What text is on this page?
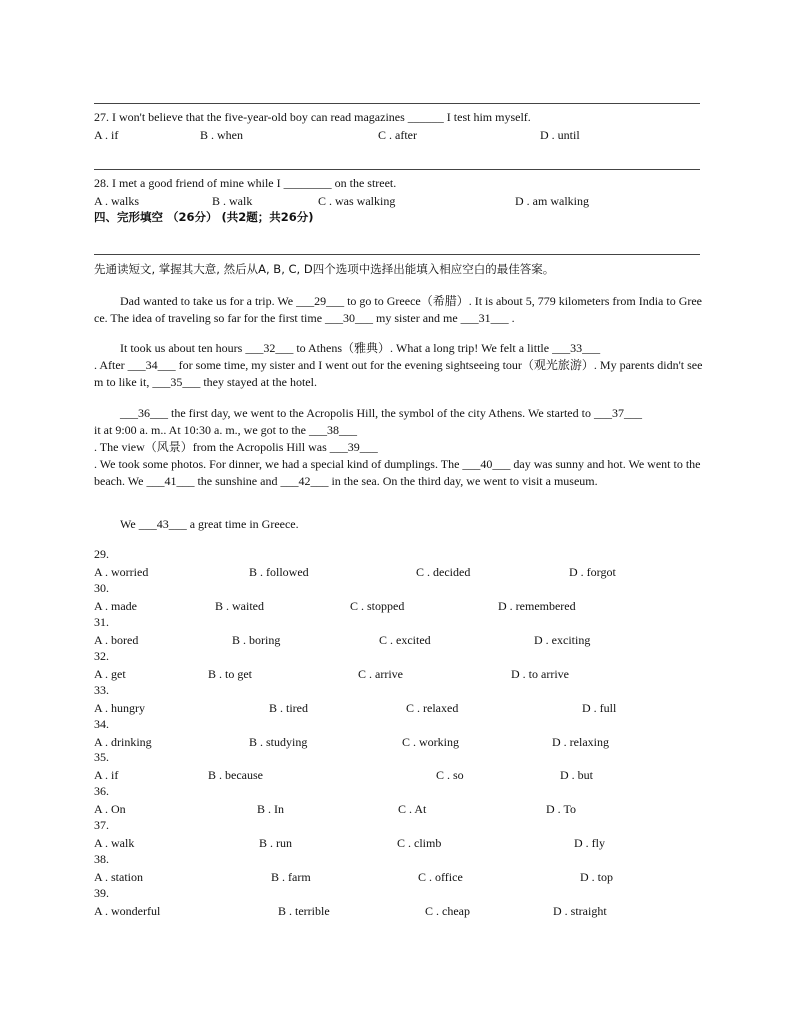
27. I won't believe that the five-year-old boy can read magazines ______ I test him myself.
A . if	B . when	C . after	D . until
28. I met a good friend of mine while I ________ on the street.
A . walks	B . walk	C . was walking	D . am walking
四、完形填空 （26分） (共2题；共26分)
先通读短文, 掌握其大意, 然后从A, B, C, D四个选项中选择出能填入相应空白的最佳答案。
Dad wanted to take us for a trip. We ___29___ to go to Greece（希腊）. It is about 5, 779 kilometers from India to Greece. The idea of traveling so far for the first time ___30___ my sister and me ___31___ .
It took us about ten hours ___32___ to Athens（雅典）. What a long trip! We felt a little ___33___
. After ___34___ for some time, my sister and I went out for the evening sightseeing tour（观光旅游）. My parents didn't seem to like it, ___35___ they stayed at the hotel.
___36___ the first day, we went to the Acropolis Hill, the symbol of the city Athens. We started to ___37___
it at 9:00 a. m.. At 10:30 a. m., we got to the ___38___
. The view（风景）from the Acropolis Hill was ___39___
. We took some photos. For dinner, we had a special kind of dumplings. The ___40___ day was sunny and hot. We went to the beach. We ___41___ the sunshine and ___42___ in the sea. On the third day, we went to visit a museum.
We ___43___ a great time in Greece.
29.
A . worried	B . followed	C . decided	D . forgot
30.
A . made	B . waited	C . stopped	D . remembered
31.
A . bored	B . boring	C . excited	D . exciting
32.
A . get	B . to get	C . arrive	D . to arrive
33.
A . hungry	B . tired	C . relaxed	D . full
34.
A . drinking	B . studying	C . working	D . relaxing
35.
A . if	B . because	C . so	D . but
36.
A . On	B . In	C . At	D . To
37.
A . walk	B . run	C . climb	D . fly
38.
A . station	B . farm	C . office	D . top
39.
A . wonderful	B . terrible	C . cheap	D . straight
